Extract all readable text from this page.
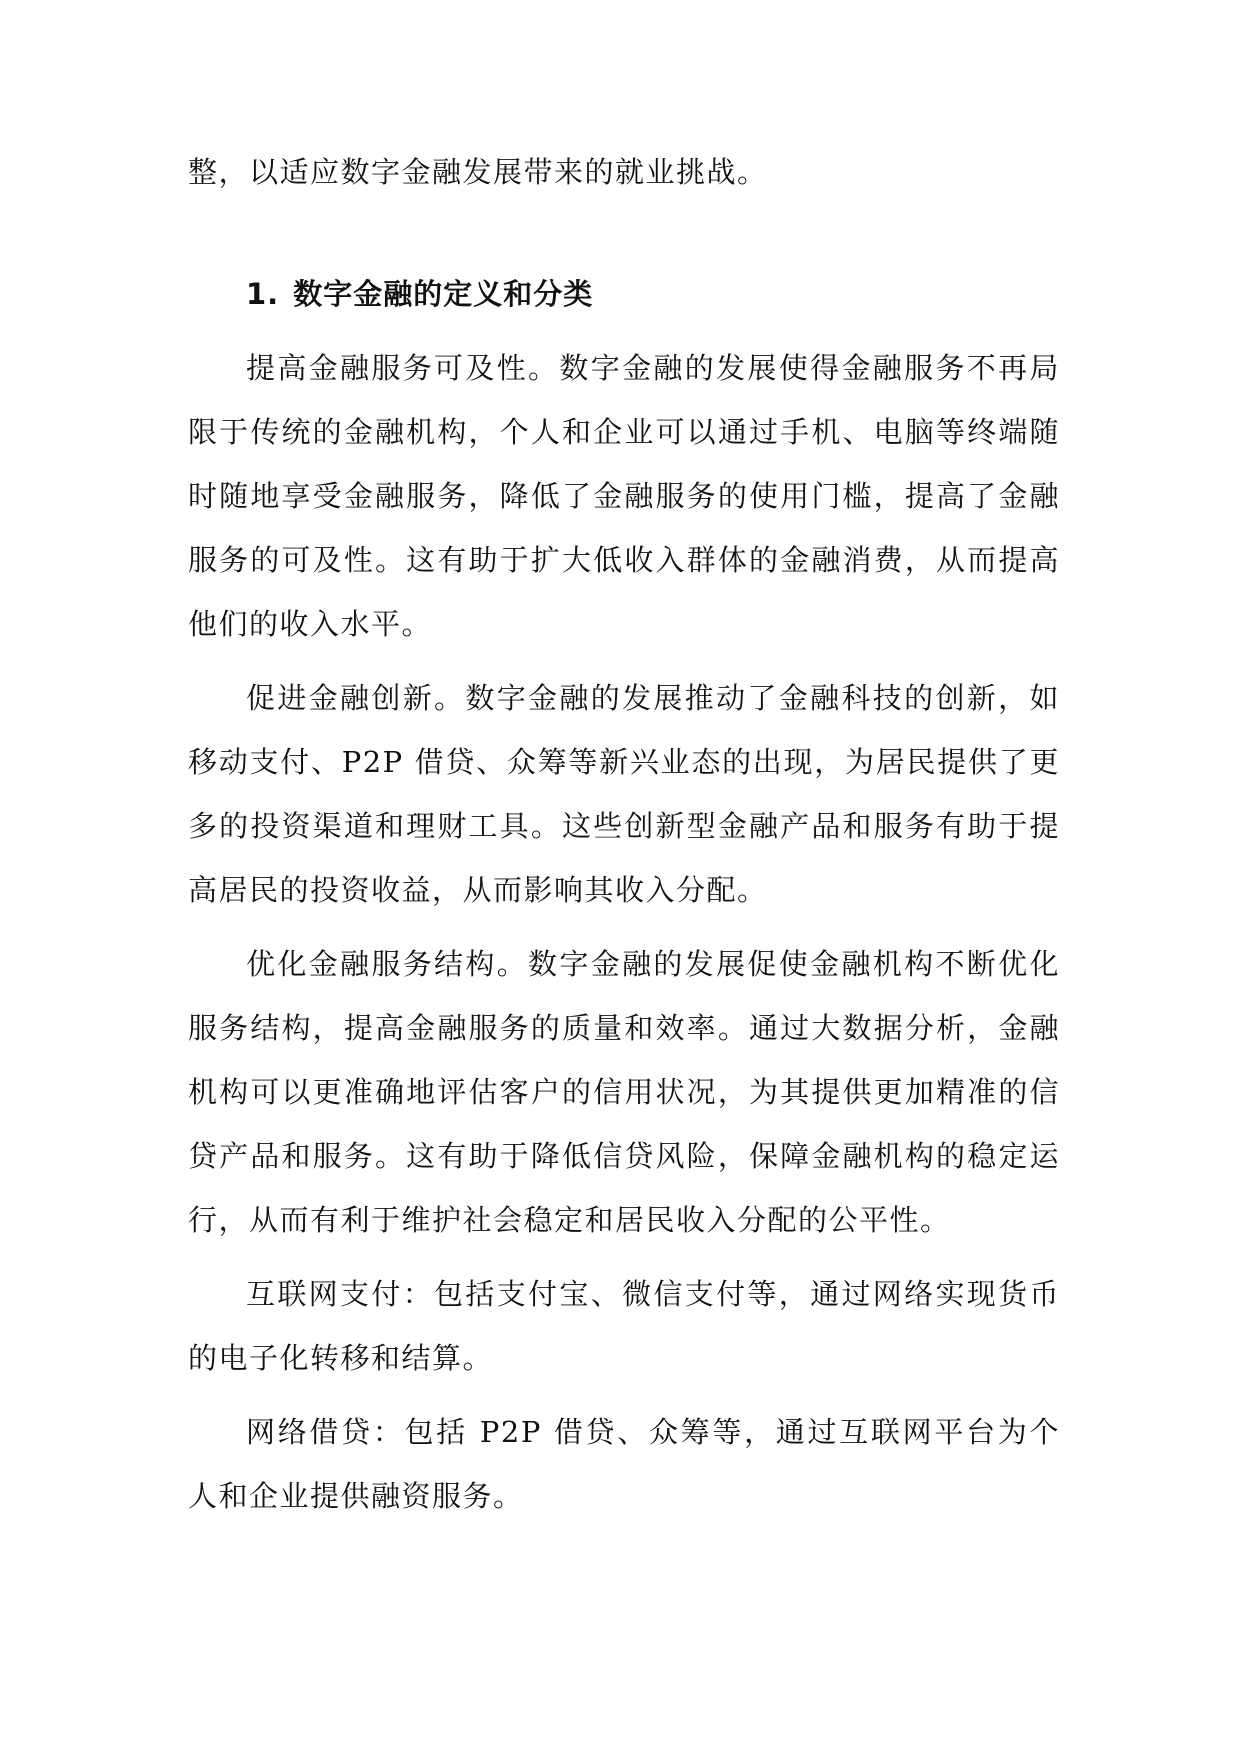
整，以适应数字金融发展带来的就业挑战。

1. 数字金融的定义和分类

提高金融服务可及性。数字金融的发展使得金融服务不再局限于传统的金融机构，个人和企业可以通过手机、电脑等终端随时随地享受金融服务，降低了金融服务的使用门槛，提高了金融服务的可及性。这有助于扩大低收入群体的金融消费，从而提高他们的收入水平。

促进金融创新。数字金融的发展推动了金融科技的创新，如移动支付、P2P 借贷、众筹等新兴业态的出现，为居民提供了更多的投资渠道和理财工具。这些创新型金融产品和服务有助于提高居民的投资收益，从而影响其收入分配。

优化金融服务结构。数字金融的发展促使金融机构不断优化服务结构，提高金融服务的质量和效率。通过大数据分析，金融机构可以更准确地评估客户的信用状况，为其提供更加精准的信贷产品和服务。这有助于降低信贷风险，保障金融机构的稳定运行，从而有利于维护社会稳定和居民收入分配的公平性。

互联网支付：包括支付宝、微信支付等，通过网络实现货币的电子化转移和结算。

网络借贷：包括 P2P 借贷、众筹等，通过互联网平台为个人和企业提供融资服务。
